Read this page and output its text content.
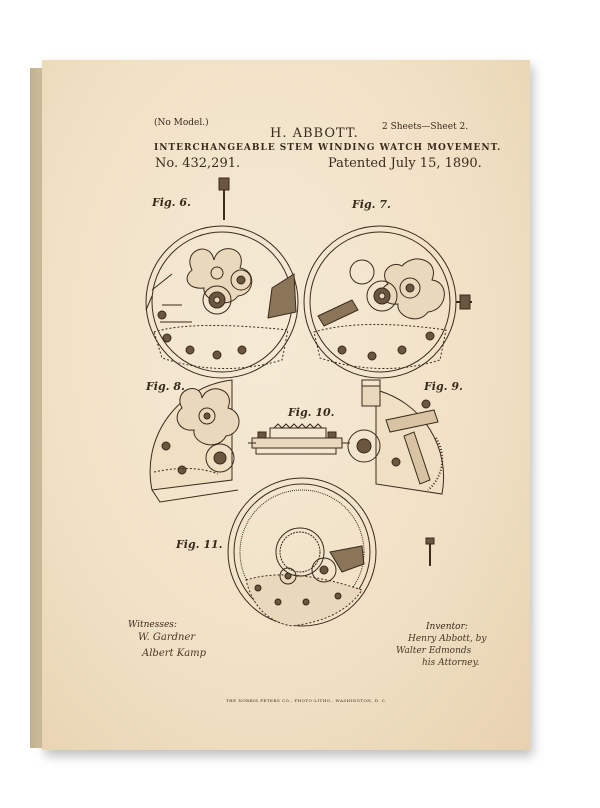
(No Model.)	2 Sheets—Sheet 2.
H. ABBOTT.
INTERCHANGEABLE STEM WINDING WATCH MOVEMENT.
No. 432,291.	Patented July 15, 1890.
Fig. 6.	Fig. 7.
Fig. 8.	Fig. 9.
Fig. 10.
Fig. 11.
Witnesses:
W. Gardner
Albert Kamp
Inventor:
Henry Abbott, by
Walter Edmonds
his Attorney.
THE NORRIS PETERS CO., PHOTO-LITHO., WASHINGTON, D. C.
